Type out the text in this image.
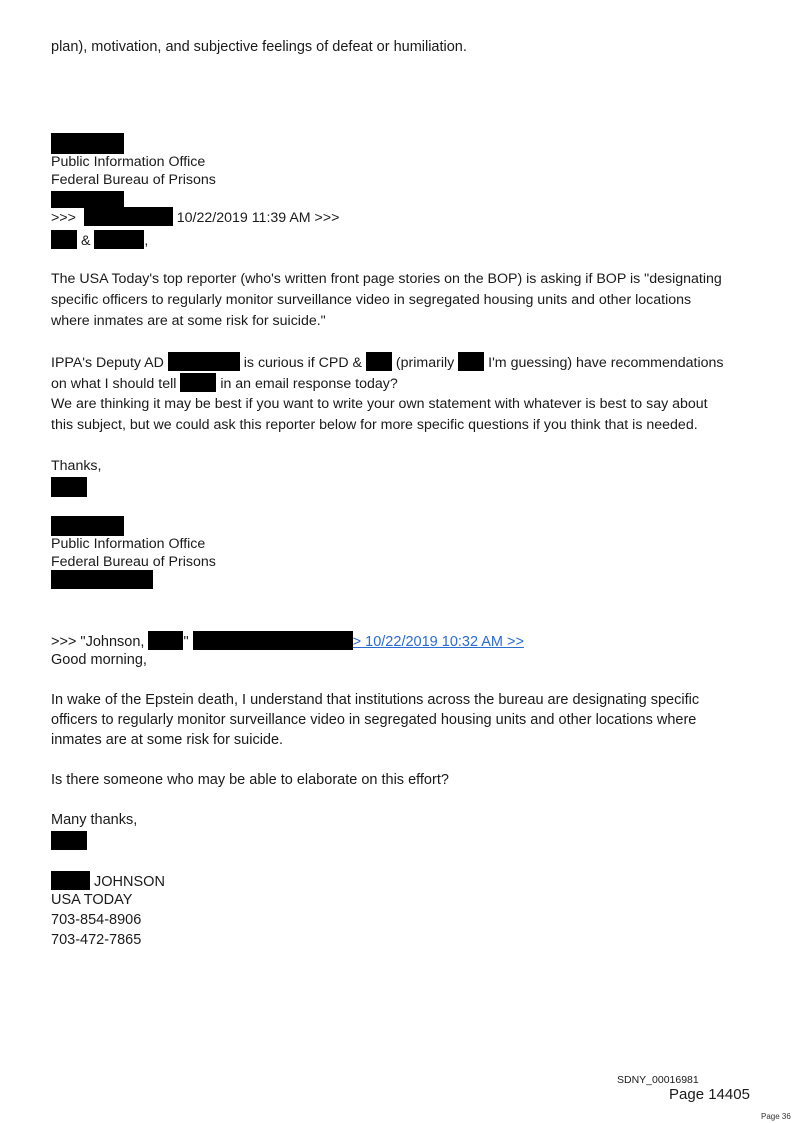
plan), motivation, and subjective feelings of defeat or humiliation.
Public Information Office
Federal Bureau of Prisons
>>>	10/22/2019 11:39 AM >>>
&	,
The USA Today's top reporter (who's written front page stories on the BOP) is asking if BOP is "designating
specific officers to regularly monitor surveillance video in segregated housing units and other locations
where inmates are at some risk for suicide."
IPPA's Deputy AD	is curious if CPD & (primarily I'm guessing) have recommendations
on what I should tell	in an email response today?
We are thinking it may be best if you want to write your own statement with whatever is best to say about
this subject, but we could ask this reporter below for more specific questions if you think that is needed.
Thanks,
Public Information Office
Federal Bureau of Prisons
>>> "Johnson,	"	> 10/22/2019 10:32 AM >>
Good morning,
In wake of the Epstein death, I understand that institutions across the bureau are designating specific
officers to regularly monitor surveillance video in segregated housing units and other locations where
inmates are at some risk for suicide.
Is there someone who may be able to elaborate on this effort?
Many thanks,
JOHNSON
USA TODAY
703-854-8906
703-472-7865
SDNY_00016981
Page 14405
Page 36
